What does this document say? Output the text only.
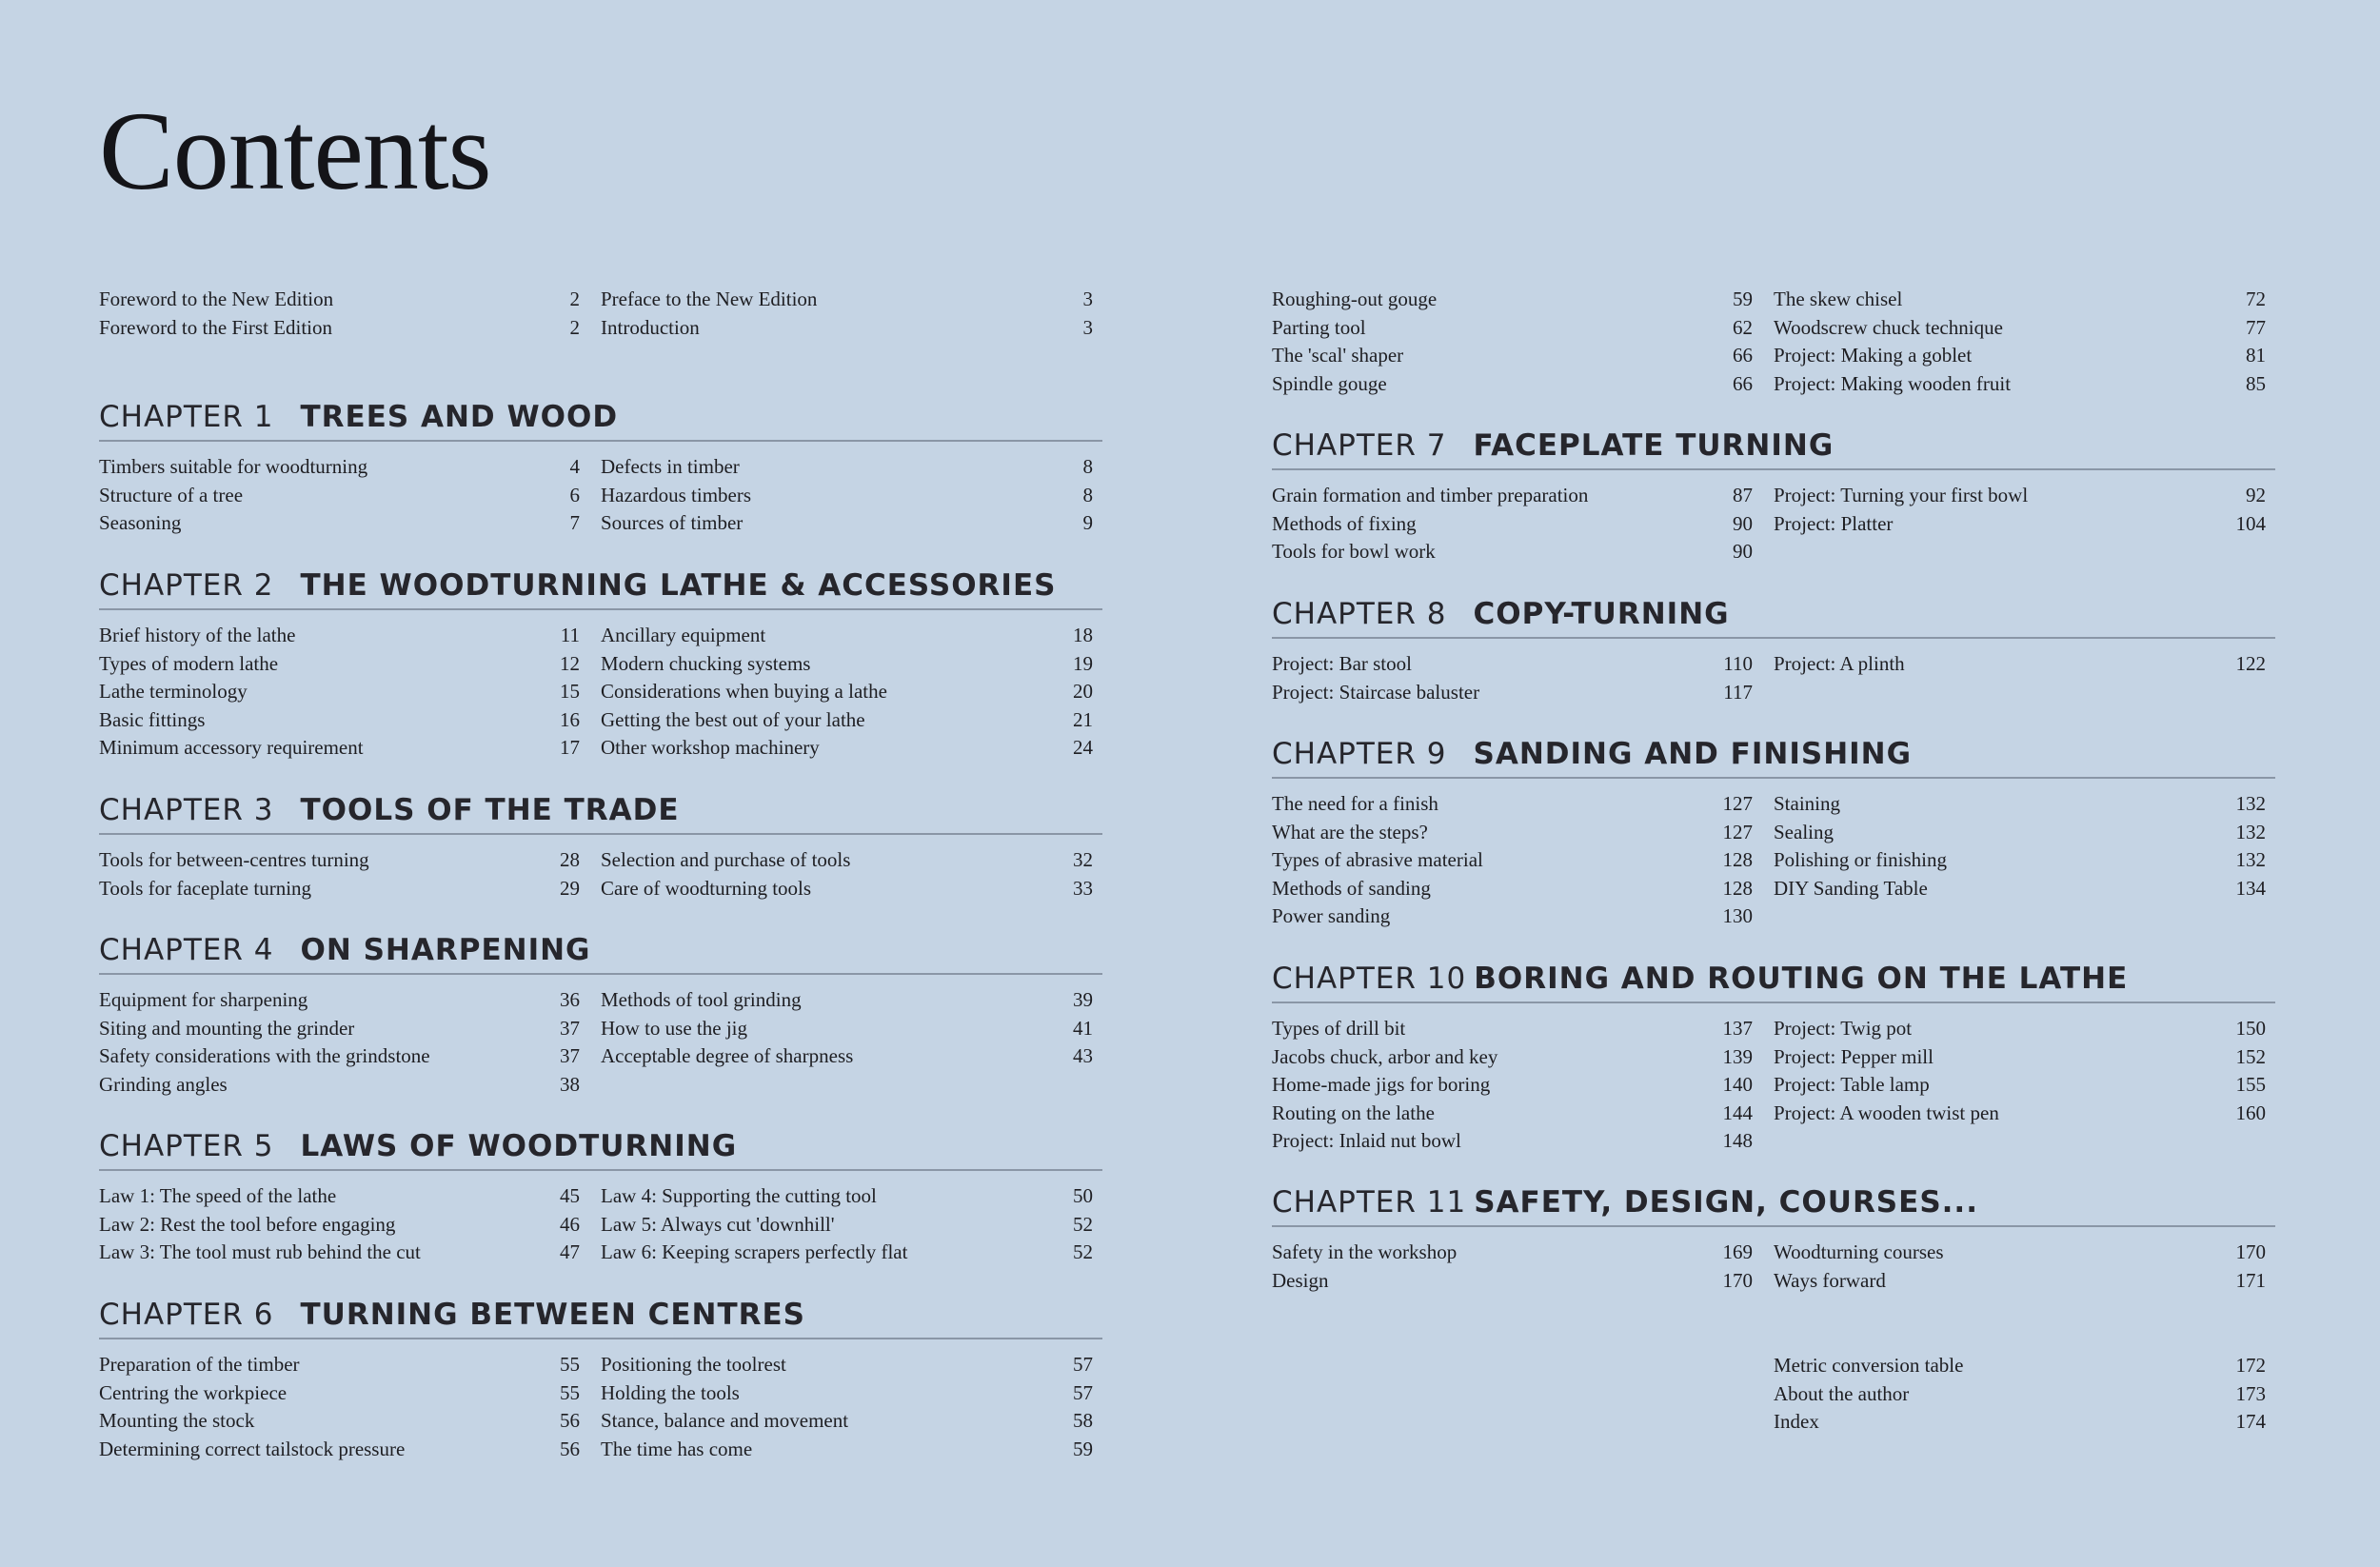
Contents
Foreword to the New Edition	2
Foreword to the First Edition	2
Preface to the New Edition	3
Introduction	3
CHAPTER 1 TREES AND WOOD
Timbers suitable for woodturning	4
Structure of a tree	6
Seasoning	7
Defects in timber	8
Hazardous timbers	8
Sources of timber	9
CHAPTER 2 THE WOODTURNING LATHE & ACCESSORIES
Brief history of the lathe	11
Types of modern lathe	12
Lathe terminology	15
Basic fittings	16
Minimum accessory requirement	17
Ancillary equipment	18
Modern chucking systems	19
Considerations when buying a lathe	20
Getting the best out of your lathe	21
Other workshop machinery	24
CHAPTER 3 TOOLS OF THE TRADE
Tools for between-centres turning	28
Tools for faceplate turning	29
Selection and purchase of tools	32
Care of woodturning tools	33
CHAPTER 4 ON SHARPENING
Equipment for sharpening	36
Siting and mounting the grinder	37
Safety considerations with the grindstone	37
Grinding angles	38
Methods of tool grinding	39
How to use the jig	41
Acceptable degree of sharpness	43
CHAPTER 5 LAWS OF WOODTURNING
Law 1: The speed of the lathe	45
Law 2: Rest the tool before engaging	46
Law 3: The tool must rub behind the cut	47
Law 4: Supporting the cutting tool	50
Law 5: Always cut 'downhill'	52
Law 6: Keeping scrapers perfectly flat	52
CHAPTER 6 TURNING BETWEEN CENTRES
Preparation of the timber	55
Centring the workpiece	55
Mounting the stock	56
Determining correct tailstock pressure	56
Positioning the toolrest	57
Holding the tools	57
Stance, balance and movement	58
The time has come	59
Roughing-out gouge	59
Parting tool	62
The 'scal' shaper	66
Spindle gouge	66
The skew chisel	72
Woodscrew chuck technique	77
Project: Making a goblet	81
Project: Making wooden fruit	85
CHAPTER 7 FACEPLATE TURNING
Grain formation and timber preparation	87
Methods of fixing	90
Tools for bowl work	90
Project: Turning your first bowl	92
Project: Platter	104
CHAPTER 8 COPY-TURNING
Project: Bar stool	110
Project: Staircase baluster	117
Project: A plinth	122
CHAPTER 9 SANDING AND FINISHING
The need for a finish	127
What are the steps?	127
Types of abrasive material	128
Methods of sanding	128
Power sanding	130
Staining	132
Sealing	132
Polishing or finishing	132
DIY Sanding Table	134
CHAPTER 10 BORING AND ROUTING ON THE LATHE
Types of drill bit	137
Jacobs chuck, arbor and key	139
Home-made jigs for boring	140
Routing on the lathe	144
Project: Inlaid nut bowl	148
Project: Twig pot	150
Project: Pepper mill	152
Project: Table lamp	155
Project: A wooden twist pen	160
CHAPTER 11 SAFETY, DESIGN, COURSES...
Safety in the workshop	169
Design	170
Woodturning courses	170
Ways forward	171
Metric conversion table	172
About the author	173
Index	174
